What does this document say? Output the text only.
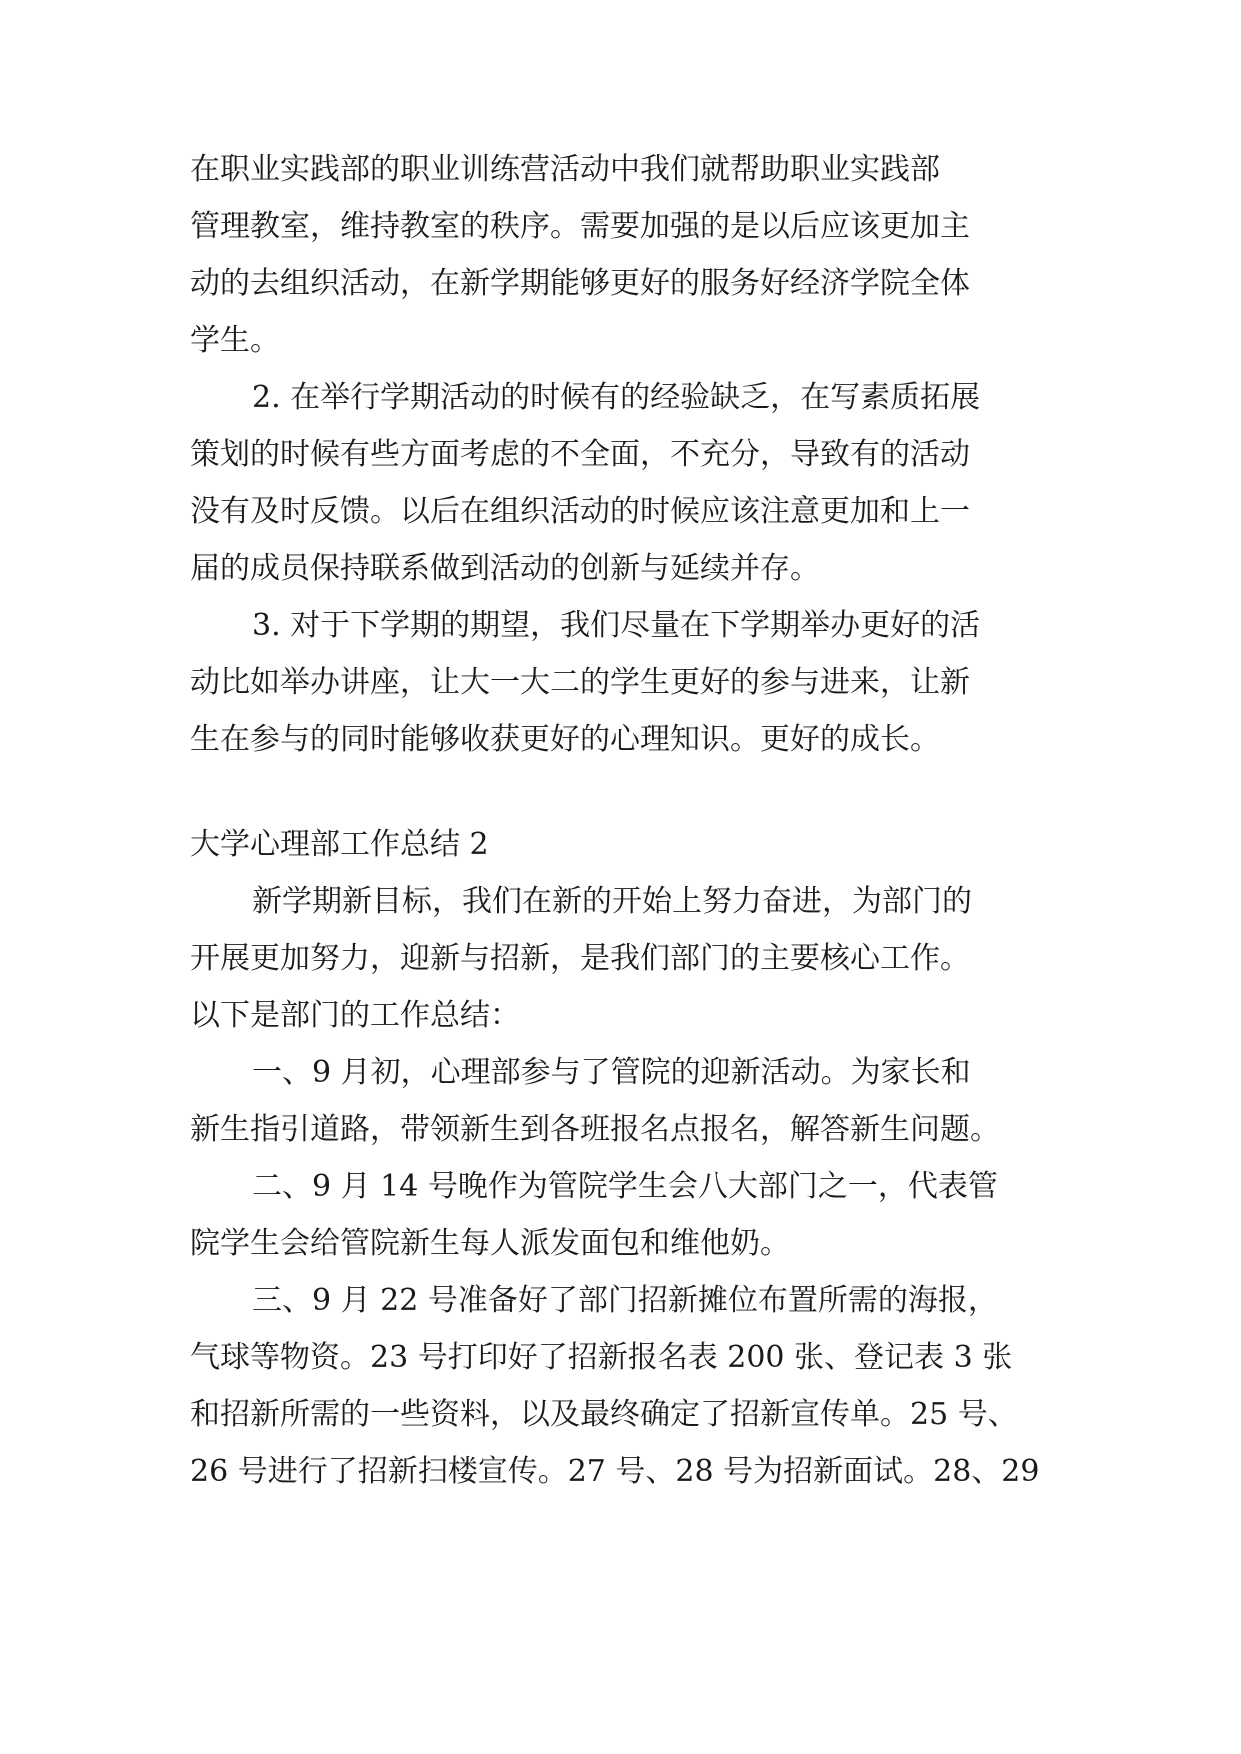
在职业实践部的职业训练营活动中我们就帮助职业实践部
管理教室，维持教室的秩序。需要加强的是以后应该更加主
动的去组织活动，在新学期能够更好的服务好经济学院全体
学生。
2. 在举行学期活动的时候有的经验缺乏，在写素质拓展
策划的时候有些方面考虑的不全面，不充分，导致有的活动
没有及时反馈。以后在组织活动的时候应该注意更加和上一
届的成员保持联系做到活动的创新与延续并存。
3. 对于下学期的期望，我们尽量在下学期举办更好的活
动比如举办讲座，让大一大二的学生更好的参与进来，让新
生在参与的同时能够收获更好的心理知识。更好的成长。
大学心理部工作总结 2
新学期新目标，我们在新的开始上努力奋进，为部门的
开展更加努力，迎新与招新，是我们部门的主要核心工作。
以下是部门的工作总结：
一、9 月初，心理部参与了管院的迎新活动。为家长和
新生指引道路，带领新生到各班报名点报名，解答新生问题。
二、9 月 14 号晚作为管院学生会八大部门之一，代表管
院学生会给管院新生每人派发面包和维他奶。
三、9 月 22 号准备好了部门招新摊位布置所需的海报，
气球等物资。23 号打印好了招新报名表 200 张、登记表 3 张
和招新所需的一些资料，以及最终确定了招新宣传单。25 号、
26 号进行了招新扫楼宣传。27 号、28 号为招新面试。28、29
